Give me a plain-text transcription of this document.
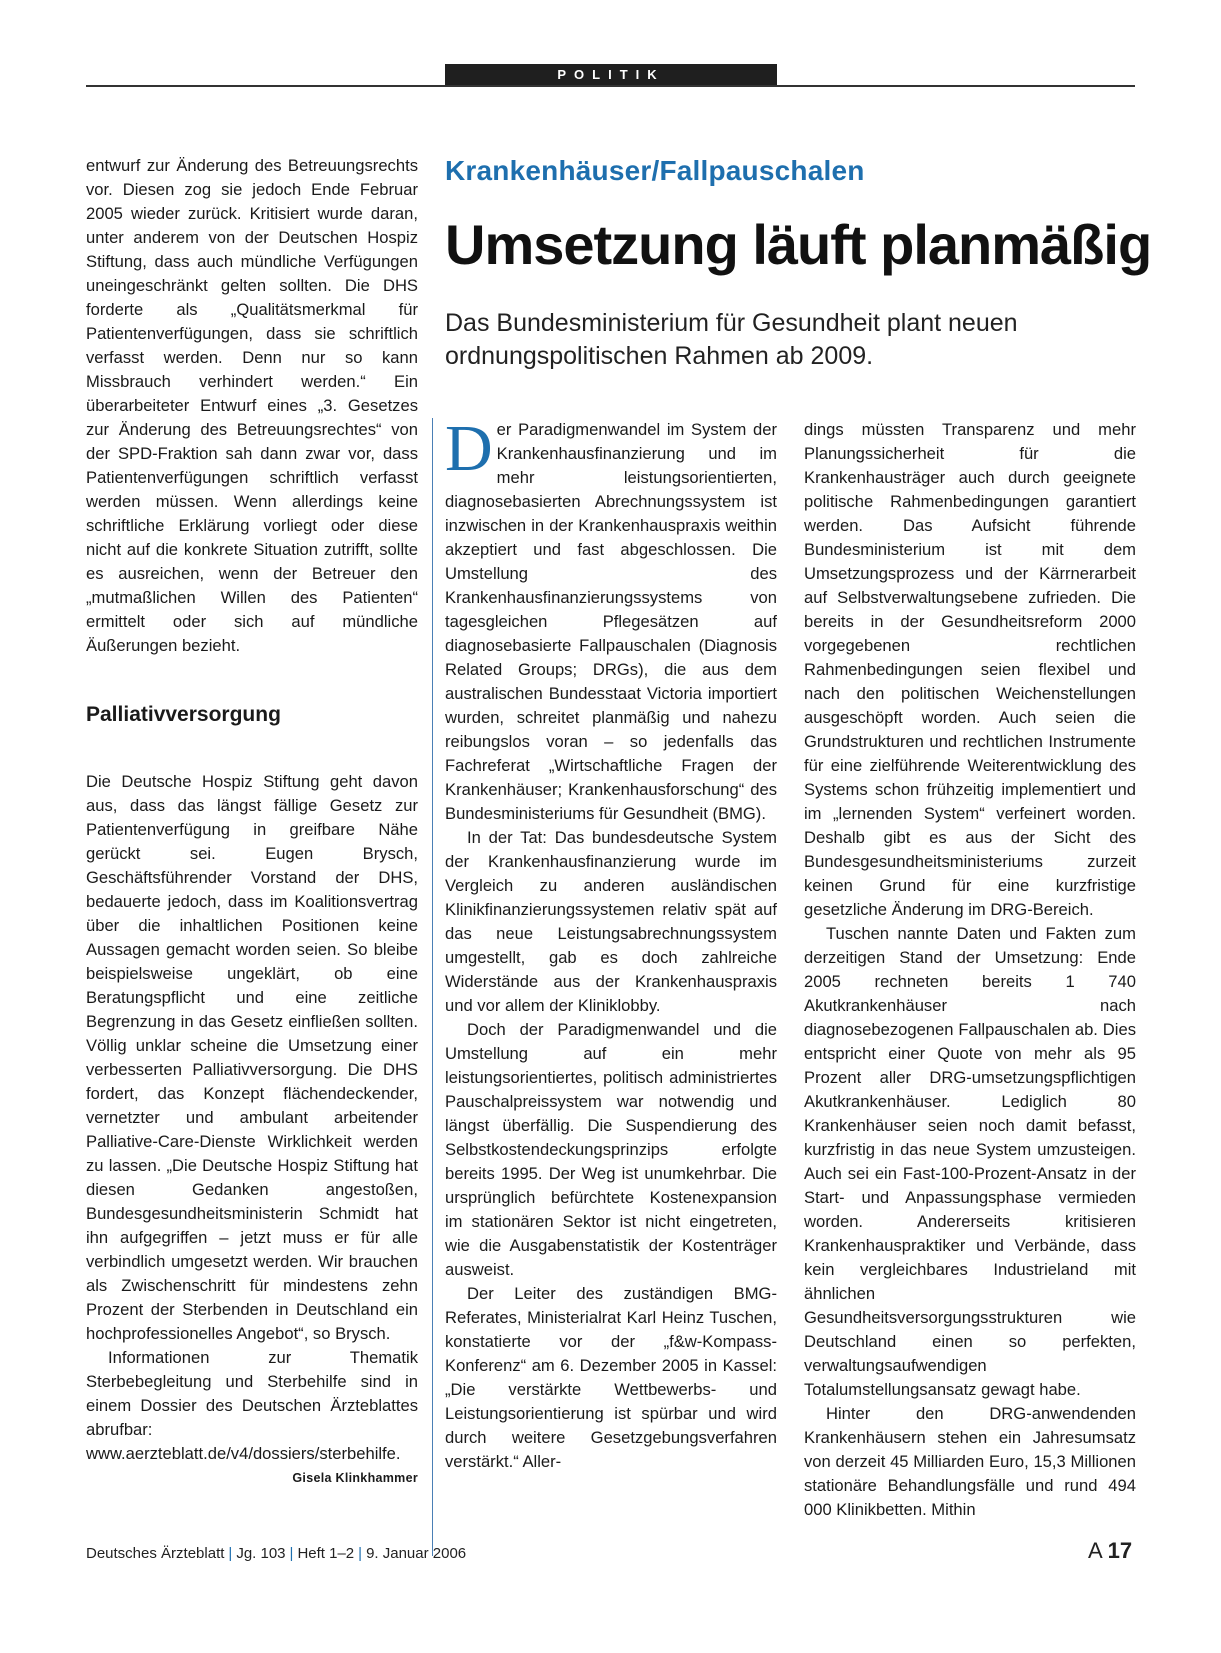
POLITIK

entwurf zur Änderung des Betreuungsrechts vor. Diesen zog sie jedoch Ende Februar 2005 wieder zurück. Kritisiert wurde daran, unter anderem von der Deutschen Hospiz Stiftung, dass auch mündliche Verfügungen uneingeschränkt gelten sollten. Die DHS forderte als „Qualitätsmerkmal für Patientenverfügungen, dass sie schriftlich verfasst werden. Denn nur so kann Missbrauch verhindert werden.“ Ein überarbeiteter Entwurf eines „3. Gesetzes zur Änderung des Betreuungsrechtes“ von der SPD-Fraktion sah dann zwar vor, dass Patientenverfügungen schriftlich verfasst werden müssen. Wenn allerdings keine schriftliche Erklärung vorliegt oder diese nicht auf die konkrete Situation zutrifft, sollte es ausreichen, wenn der Betreuer den „mutmaßlichen Willen des Patienten“ ermittelt oder sich auf mündliche Äußerungen bezieht.

Palliativversorgung

Die Deutsche Hospiz Stiftung geht davon aus, dass das längst fällige Gesetz zur Patientenverfügung in greifbare Nähe gerückt sei. Eugen Brysch, Geschäftsführender Vorstand der DHS, bedauerte jedoch, dass im Koalitionsvertrag über die inhaltlichen Positionen keine Aussagen gemacht worden seien. So bleibe beispielsweise ungeklärt, ob eine Beratungspflicht und eine zeitliche Begrenzung in das Gesetz einfließen sollten. Völlig unklar scheine die Umsetzung einer verbesserten Palliativversorgung. Die DHS fordert, das Konzept flächendeckender, vernetzter und ambulant arbeitender Palliative-Care-Dienste Wirklichkeit werden zu lassen. „Die Deutsche Hospiz Stiftung hat diesen Gedanken angestoßen, Bundesgesundheitsministerin Schmidt hat ihn aufgegriffen – jetzt muss er für alle verbindlich umgesetzt werden. Wir brauchen als Zwischenschritt für mindestens zehn Prozent der Sterbenden in Deutschland ein hochprofessionelles Angebot“, so Brysch.

Informationen zur Thematik Sterbebegleitung und Sterbehilfe sind in einem Dossier des Deutschen Ärzteblattes abrufbar: www.aerzteblatt.de/v4/dossiers/sterbehilfe.
Gisela Klinkhammer

Krankenhäuser/Fallpauschalen
Umsetzung läuft planmäßig
Das Bundesministerium für Gesundheit plant neuen ordnungspolitischen Rahmen ab 2009.

Der Paradigmenwandel im System der Krankenhausfinanzierung und im mehr leistungsorientierten, diagnosebasierten Abrechnungssystem ist inzwischen in der Krankenhauspraxis weithin akzeptiert und fast abgeschlossen. Die Umstellung des Krankenhausfinanzierungssystems von tagesgleichen Pflegesätzen auf diagnosebasierte Fallpauschalen (Diagnosis Related Groups; DRGs), die aus dem australischen Bundesstaat Victoria importiert wurden, schreitet planmäßig und nahezu reibungslos voran – so jedenfalls das Fachreferat „Wirtschaftliche Fragen der Krankenhäuser; Krankenhausforschung“ des Bundesministeriums für Gesundheit (BMG).

In der Tat: Das bundesdeutsche System der Krankenhausfinanzierung wurde im Vergleich zu anderen ausländischen Klinikfinanzierungssystemen relativ spät auf das neue Leistungsabrechnungssystem umgestellt, gab es doch zahlreiche Widerstände aus der Krankenhauspraxis und vor allem der Kliniklobby.

Doch der Paradigmenwandel und die Umstellung auf ein mehr leistungsorientiertes, politisch administriertes Pauschalpreissystem war notwendig und längst überfällig. Die Suspendierung des Selbstkostendeckungsprinzips erfolgte bereits 1995. Der Weg ist unumkehrbar. Die ursprünglich befürchtete Kostenexpansion im stationären Sektor ist nicht eingetreten, wie die Ausgabenstatistik der Kostenträger ausweist.

Der Leiter des zuständigen BMG-Referates, Ministerialrat Karl Heinz Tuschen, konstatierte vor der „f&w-Kompass-Konferenz“ am 6. Dezember 2005 in Kassel: „Die verstärkte Wettbewerbs- und Leistungsorientierung ist spürbar und wird durch weitere Gesetzgebungsverfahren verstärkt.“ Aller-

dings müssten Transparenz und mehr Planungssicherheit für die Krankenhausträger auch durch geeignete politische Rahmenbedingungen garantiert werden. Das Aufsicht führende Bundesministerium ist mit dem Umsetzungsprozess und der Kärrnerarbeit auf Selbstverwaltungsebene zufrieden. Die bereits in der Gesundheitsreform 2000 vorgegebenen rechtlichen Rahmenbedingungen seien flexibel und nach den politischen Weichenstellungen ausgeschöpft worden. Auch seien die Grundstrukturen und rechtlichen Instrumente für eine zielführende Weiterentwicklung des Systems schon frühzeitig implementiert und im „lernenden System“ verfeinert worden. Deshalb gibt es aus der Sicht des Bundesgesundheitsministeriums zurzeit keinen Grund für eine kurzfristige gesetzliche Änderung im DRG-Bereich.

Tuschen nannte Daten und Fakten zum derzeitigen Stand der Umsetzung: Ende 2005 rechneten bereits 1 740 Akutkrankenhäuser nach diagnosebezogenen Fallpauschalen ab. Dies entspricht einer Quote von mehr als 95 Prozent aller DRG-umsetzungspflichtigen Akutkrankenhäuser. Lediglich 80 Krankenhäuser seien noch damit befasst, kurzfristig in das neue System umzusteigen. Auch sei ein Fast-100-Prozent-Ansatz in der Start- und Anpassungsphase vermieden worden. Andererseits kritisieren Krankenhauspraktiker und Verbände, dass kein vergleichbares Industrieland mit ähnlichen Gesundheitsversorgungsstrukturen wie Deutschland einen so perfekten, verwaltungsaufwendigen Totalumstellungsansatz gewagt habe.

Hinter den DRG-anwendenden Krankenhäusern stehen ein Jahresumsatz von derzeit 45 Milliarden Euro, 15,3 Millionen stationäre Behandlungsfälle und rund 494 000 Klinikbetten. Mithin

Deutsches Ärzteblatt | Jg. 103 | Heft 1–2 | 9. Januar 2006	A 17
